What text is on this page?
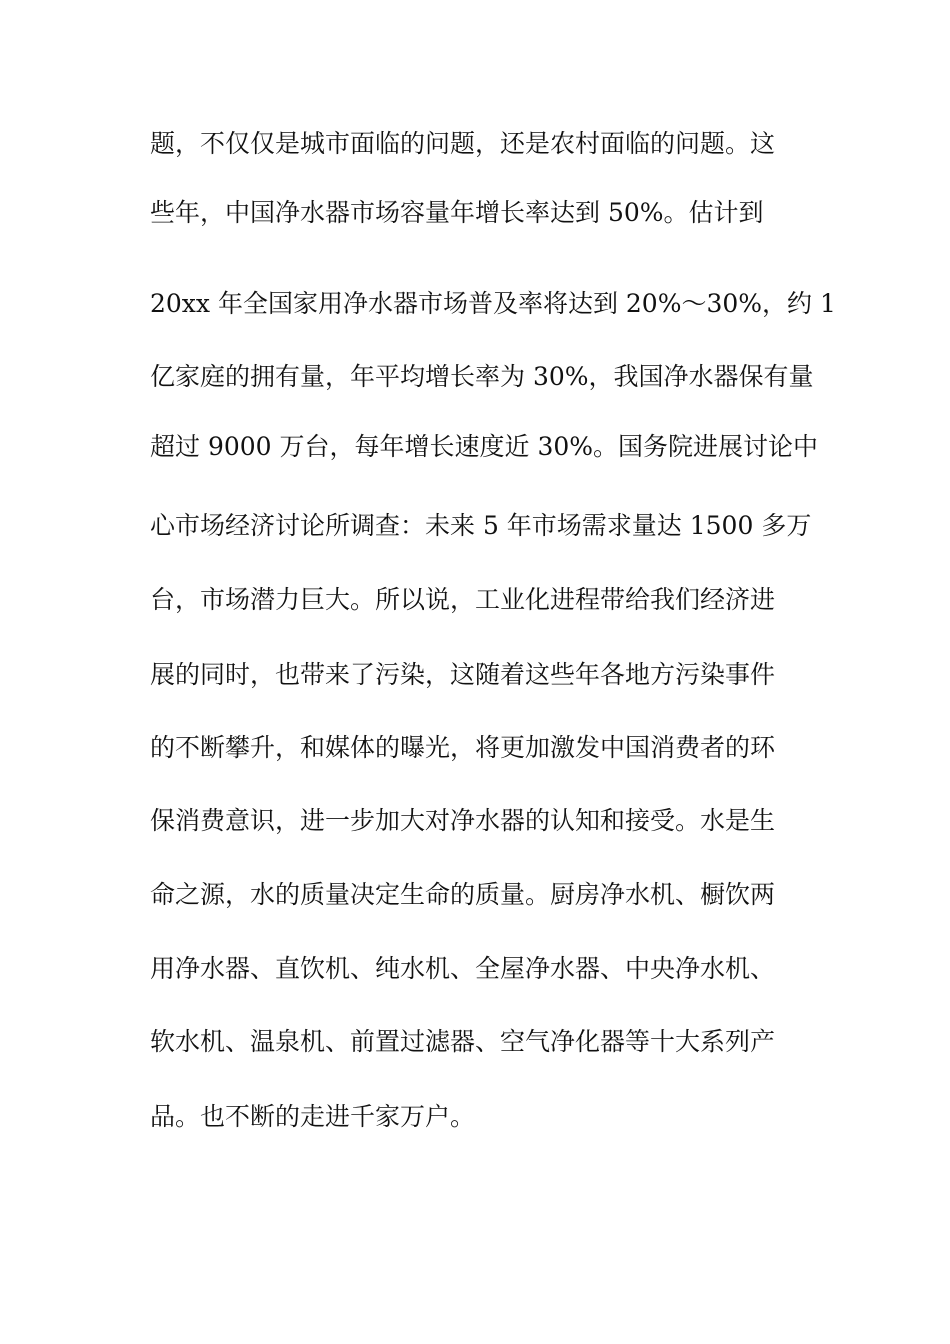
题，不仅仅是城市面临的问题，还是农村面临的问题。这
些年，中国净水器市场容量年增长率达到 50%。估计到
20xx 年全国家用净水器市场普及率将达到 20%～30%，约 1
亿家庭的拥有量，年平均增长率为 30%，我国净水器保有量
超过 9000 万台，每年增长速度近 30%。国务院进展讨论中
心市场经济讨论所调查：未来 5 年市场需求量达 1500 多万
台，市场潜力巨大。所以说，工业化进程带给我们经济进
展的同时，也带来了污染，这随着这些年各地方污染事件
的不断攀升，和媒体的曝光，将更加激发中国消费者的环
保消费意识，进一步加大对净水器的认知和接受。水是生
命之源，水的质量决定生命的质量。厨房净水机、橱饮两
用净水器、直饮机、纯水机、全屋净水器、中央净水机、
软水机、温泉机、前置过滤器、空气净化器等十大系列产
品。也不断的走进千家万户。
